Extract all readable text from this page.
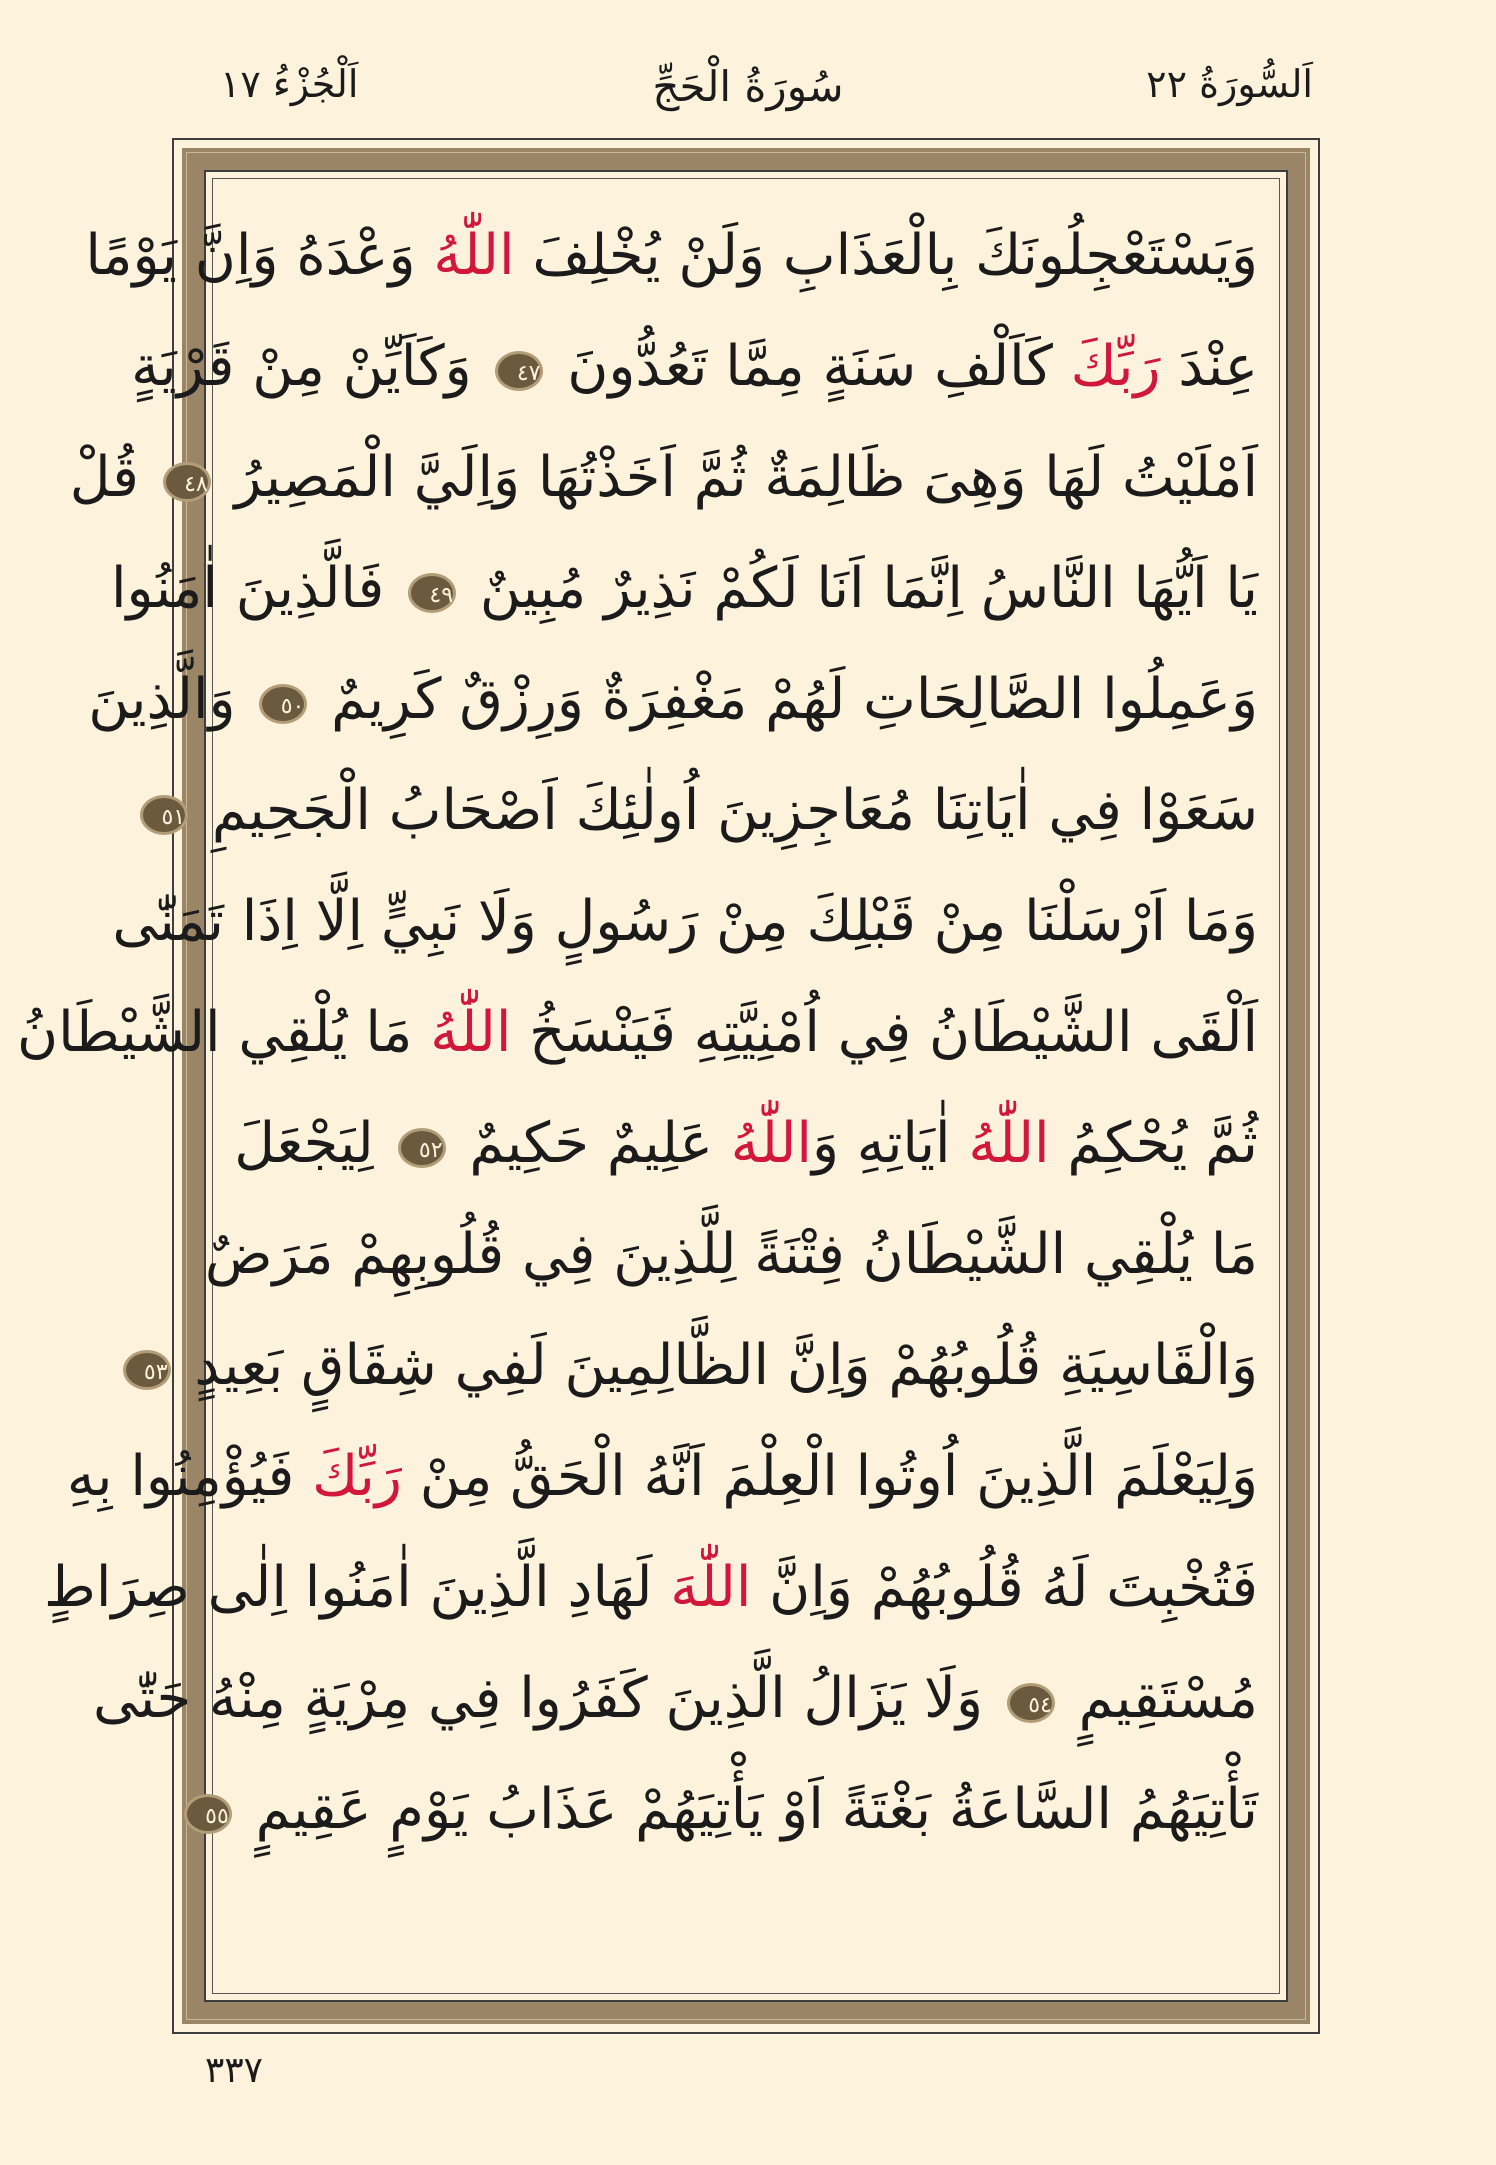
اَلسُّورَةُ ٢٢
سُورَةُ الْحَجِّ
اَلْجُزْءُ ١٧
وَيَسْتَعْجِلُونَكَ بِالْعَذَابِ وَلَنْ يُخْلِفَ اللّٰهُ وَعْدَهُ وَاِنَّ يَوْمًا
عِنْدَ رَبِّكَ كَاَلْفِ سَنَةٍ مِمَّا تَعُدُّونَ ٤٧ وَكَاَيِّنْ مِنْ قَرْيَةٍ
اَمْلَيْتُ لَهَا وَهِىَ ظَالِمَةٌ ثُمَّ اَخَذْتُهَا وَاِلَيَّ الْمَصِيرُ ٤٨ قُلْ
يَا اَيُّهَا النَّاسُ اِنَّمَا اَنَا لَكُمْ نَذِيرٌ مُبِينٌ ٤٩ فَالَّذِينَ اٰمَنُوا
وَعَمِلُوا الصَّالِحَاتِ لَهُمْ مَغْفِرَةٌ وَرِزْقٌ كَرِيمٌ ٥٠ وَالَّذِينَ
سَعَوْا فِي اٰيَاتِنَا مُعَاجِزِينَ اُولٰئِكَ اَصْحَابُ الْجَحِيمِ ٥١
وَمَا اَرْسَلْنَا مِنْ قَبْلِكَ مِنْ رَسُولٍ وَلَا نَبِيٍّ اِلَّا اِذَا تَمَنّٰى
اَلْقَى الشَّيْطَانُ فِي اُمْنِيَّتِهِ فَيَنْسَخُ اللّٰهُ مَا يُلْقِي الشَّيْطَانُ
ثُمَّ يُحْكِمُ اللّٰهُ اٰيَاتِهِ وَاللّٰهُ عَلِيمٌ حَكِيمٌ ٥٢ لِيَجْعَلَ
مَا يُلْقِي الشَّيْطَانُ فِتْنَةً لِلَّذِينَ فِي قُلُوبِهِمْ مَرَضٌ
وَالْقَاسِيَةِ قُلُوبُهُمْ وَاِنَّ الظَّالِمِينَ لَفِي شِقَاقٍ بَعِيدٍ ٥٣
وَلِيَعْلَمَ الَّذِينَ اُوتُوا الْعِلْمَ اَنَّهُ الْحَقُّ مِنْ رَبِّكَ فَيُؤْمِنُوا بِهِ
فَتُخْبِتَ لَهُ قُلُوبُهُمْ وَاِنَّ اللّٰهَ لَهَادِ الَّذِينَ اٰمَنُوا اِلٰى صِرَاطٍ
مُسْتَقِيمٍ ٥٤ وَلَا يَزَالُ الَّذِينَ كَفَرُوا فِي مِرْيَةٍ مِنْهُ حَتّٰى
تَأْتِيَهُمُ السَّاعَةُ بَغْتَةً اَوْ يَأْتِيَهُمْ عَذَابُ يَوْمٍ عَقِيمٍ ٥٥
٣٣٧
